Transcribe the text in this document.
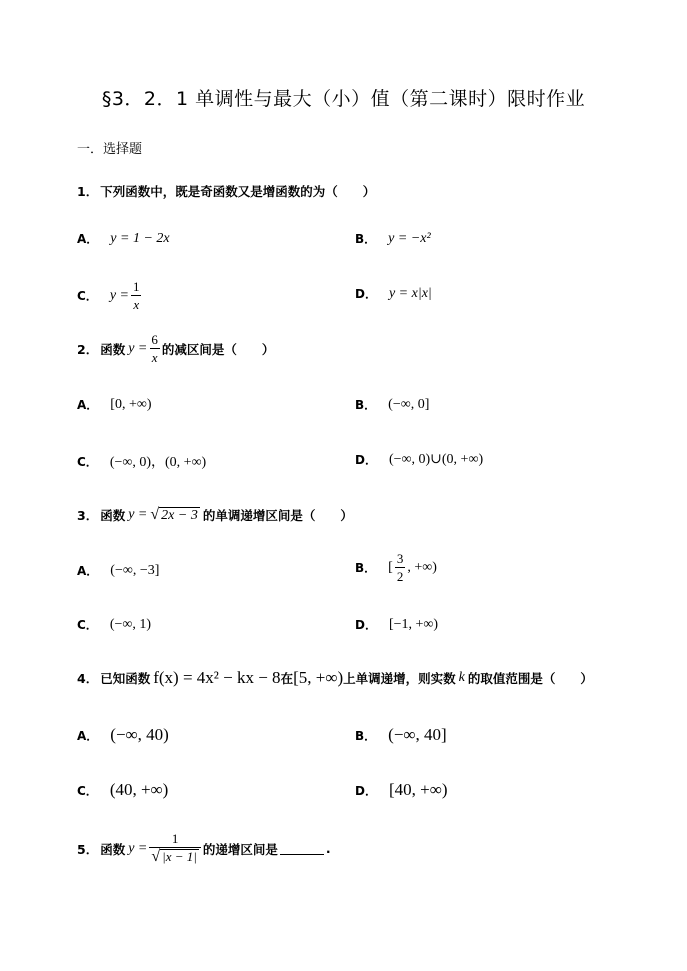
§3．2．1 单调性与最大（小）值（第二课时）限时作业
一．选择题
1． 下列函数中，既是奇函数又是增函数的为（　　）
A． y = 1 − 2x	B． y = −x²
C． $y = \frac{1}{x}$	D． y = x|x|
2． 函数 $y = \frac{6}{x}$ 的减区间是（　　）
A． [0, +∞)	B． (−∞, 0]
C． (−∞, 0)，(0, +∞)	D． (−∞, 0)∪(0, +∞)
3． 函数 y = √ 2x − 3 的单调递增区间是（　　）
A． (−∞, −3]	B． [ $\frac{3}{2}$ , +∞)
C． (−∞, 1)	D． [−1, +∞)
4． 已知函数 f(x) = 4x² − kx − 8 在 [5, +∞) 上单调递增，则实数 k 的取值范围是（　　）
A． (−∞, 40)	B． (−∞, 40]
C． (40, +∞)	D． [40, +∞)
5． 函数 $y = \frac{1}{√ |x - 1|}$ 的递增区间是	.
